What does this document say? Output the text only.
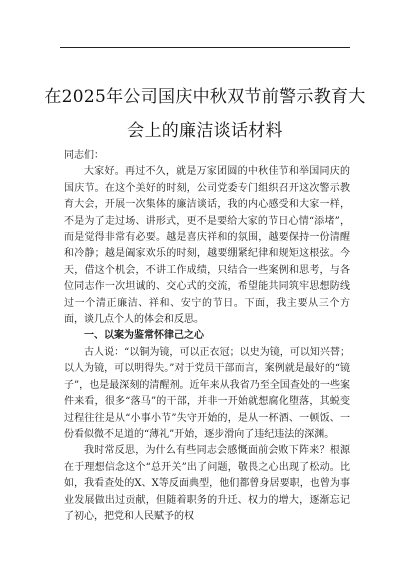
在2025年公司国庆中秋双节前警示教育大
会上的廉洁谈话材料

同志们：

大家好。再过不久，就是万家团圆的中秋佳节和举国同庆的国庆节。在这个美好的时刻，公司党委专门组织召开这次警示教育大会，开展一次集体的廉洁谈话，我的内心感受和大家一样，不是为了走过场、讲形式，更不是要给大家的节日心情“添堵”，而是觉得非常有必要。越是喜庆祥和的氛围，越要保持一份清醒和冷静；越是阖家欢乐的时刻，越要绷紧纪律和规矩这根弦。今天，借这个机会，不讲工作成绩，只结合一些案例和思考，与各位同志作一次坦诚的、交心式的交流，希望能共同筑牢思想防线过一个清正廉洁、祥和、安宁的节日。下面，我主要从三个方面，谈几点个人的体会和反思。

一、以案为鉴常怀律己之心

古人说：“以铜为镜，可以正衣冠；以史为镜，可以知兴替；以人为镜，可以明得失。”对于党员干部而言，案例就是最好的“镜子”，也是最深刻的清醒剂。近年来从我省乃至全国查处的一些案件来看，很多“落马”的干部，并非一开始就想腐化堕落，其蜕变过程往往是从“小事小节”失守开始的，是从一杯酒、一顿饭、一份看似微不足道的“薄礼”开始，逐步滑向了违纪违法的深渊。

我时常反思，为什么有些同志会感慨面前会败下阵来？根源在于理想信念这个“总开关”出了问题，敬畏之心出现了松动。比如，我看查处的X、X等反面典型，他们都曾身居要职，也曾为事业发展做出过贡献，但随着职务的升迁、权力的增大，逐渐忘记了初心，把党和人民赋予的权
